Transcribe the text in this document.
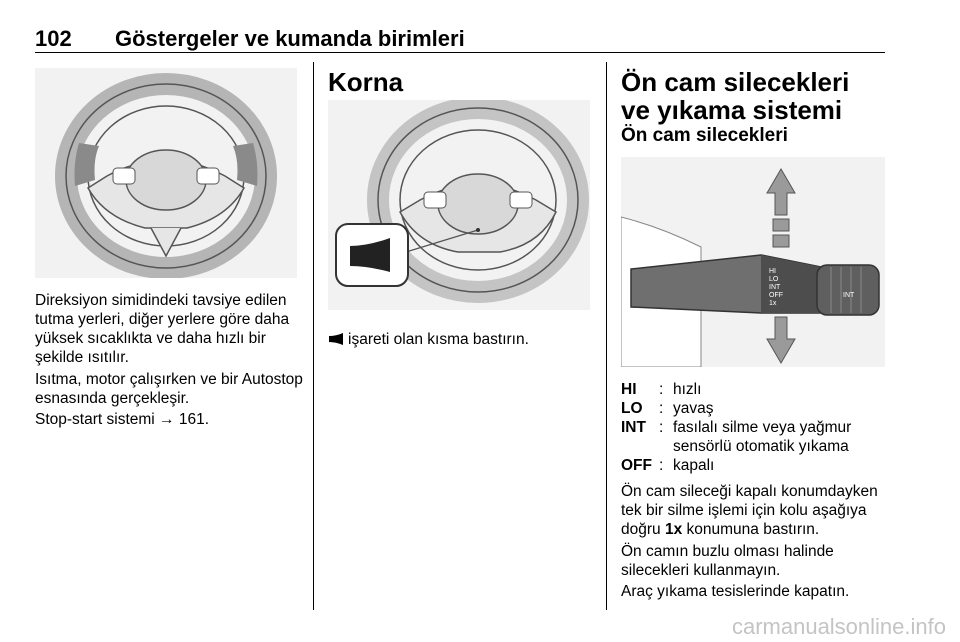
102 Göstergeler ve kumanda birimleri

Direksiyon simidindeki tavsiye edilen tutma yerleri, diğer yerlere göre daha yüksek sıcaklıkta ve daha hızlı bir şekilde ısıtılır.

Isıtma, motor çalışırken ve bir Autostop esnasında gerçekleşir.

Stop-start sistemi → 161.

Korna

işareti olan kısma bastırın.

Ön cam silecekleri ve yıkama sistemi
Ön cam silecekleri
HI
LO
INT
OFF
1x
INT
HI	: hızlı
LO	: yavaş
INT : fasılalı silme veya yağmur sensörlü otomatik yıkama
OFF : kapalı

Ön cam sileceği kapalı konumdayken tek bir silme işlemi için kolu aşağıya doğru 1x konumuna bastırın.

Ön camın buzlu olması halinde silecekleri kullanmayın.

Araç yıkama tesislerinde kapatın.

carmanualsonline.info
